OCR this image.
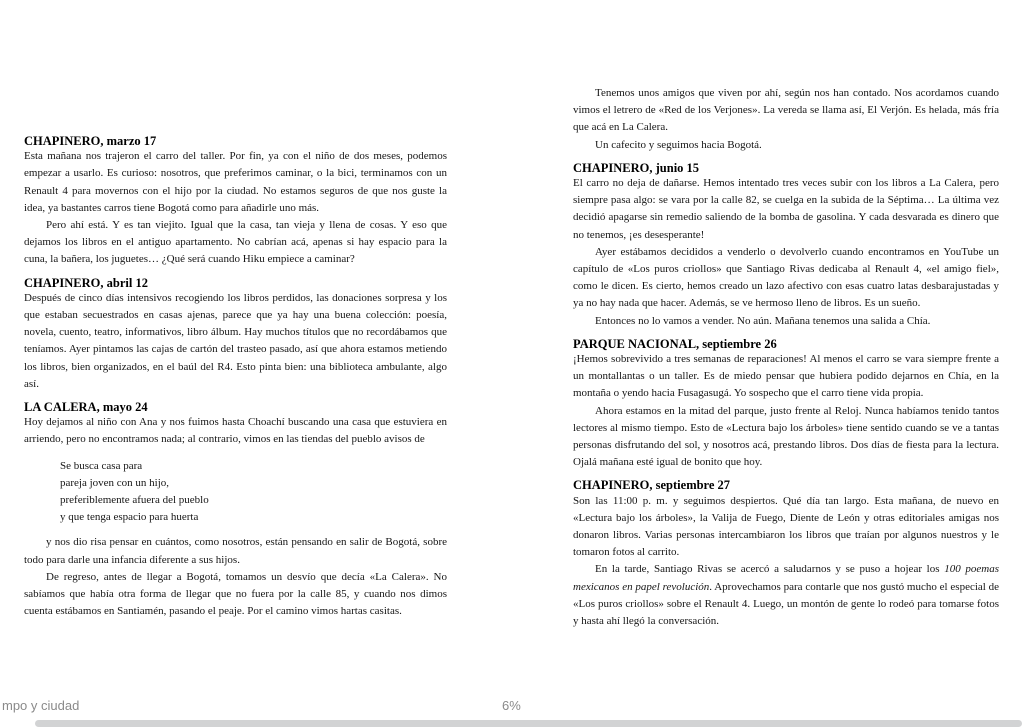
CHAPINERO, marzo 17

Esta mañana nos trajeron el carro del taller. Por fin, ya con el niño de dos meses, podemos empezar a usarlo. Es curioso: nosotros, que preferimos caminar, o la bici, terminamos con un Renault 4 para movernos con el hijo por la ciudad. No estamos seguros de que nos guste la idea, ya bastantes carros tiene Bogotá como para añadirle uno más.

Pero ahí está. Y es tan viejito. Igual que la casa, tan vieja y llena de cosas. Y eso que dejamos los libros en el antiguo apartamento. No cabrían acá, apenas si hay espacio para la cuna, la bañera, los juguetes… ¿Qué será cuando Hiku empiece a caminar?

CHAPINERO, abril 12

Después de cinco días intensivos recogiendo los libros perdidos, las donaciones sorpresa y los que estaban secuestrados en casas ajenas, parece que ya hay una buena colección: poesía, novela, cuento, teatro, informativos, libro álbum. Hay muchos títulos que no recordábamos que teníamos. Ayer pintamos las cajas de cartón del trasteo pasado, así que ahora estamos metiendo los libros, bien organizados, en el baúl del R4. Esto pinta bien: una biblioteca ambulante, algo así.

LA CALERA, mayo 24

Hoy dejamos al niño con Ana y nos fuimos hasta Choachí buscando una casa que estuviera en arriendo, pero no encontramos nada; al contrario, vimos en las tiendas del pueblo avisos de

Se busca casa para
pareja joven con un hijo,
preferiblemente afuera del pueblo
y que tenga espacio para huerta

y nos dio risa pensar en cuántos, como nosotros, están pensando en salir de Bogotá, sobre todo para darle una infancia diferente a sus hijos.

De regreso, antes de llegar a Bogotá, tomamos un desvío que decía «La Calera». No sabíamos que había otra forma de llegar que no fuera por la calle 85, y cuando nos dimos cuenta estábamos en Santiamén, pasando el peaje. Por el camino vimos hartas casitas.

Tenemos unos amigos que viven por ahí, según nos han contado. Nos acordamos cuando vimos el letrero de «Red de los Verjones». La vereda se llama así, El Verjón. Es helada, más fría que acá en La Calera.

Un cafecito y seguimos hacia Bogotá.

CHAPINERO, junio 15

El carro no deja de dañarse. Hemos intentado tres veces subir con los libros a La Calera, pero siempre pasa algo: se vara por la calle 82, se cuelga en la subida de la Séptima… La última vez decidió apagarse sin remedio saliendo de la bomba de gasolina. Y cada desvarada es dinero que no tenemos, ¡es desesperante!

Ayer estábamos decididos a venderlo o devolverlo cuando encontramos en YouTube un capítulo de «Los puros criollos» que Santiago Rivas dedicaba al Renault 4, «el amigo fiel», como le dicen. Es cierto, hemos creado un lazo afectivo con esas cuatro latas desbarajustadas y ya no hay nada que hacer. Además, se ve hermoso lleno de libros. Es un sueño.

Entonces no lo vamos a vender. No aún. Mañana tenemos una salida a Chía.

PARQUE NACIONAL, septiembre 26

¡Hemos sobrevivido a tres semanas de reparaciones! Al menos el carro se vara siempre frente a un montallantas o un taller. Es de miedo pensar que hubiera podido dejarnos en Chía, en la montaña o yendo hacia Fusagasugá. Yo sospecho que el carro tiene vida propia.

Ahora estamos en la mitad del parque, justo frente al Reloj. Nunca habíamos tenido tantos lectores al mismo tiempo. Esto de «Lectura bajo los árboles» tiene sentido cuando se ve a tantas personas disfrutando del sol, y nosotros acá, prestando libros. Dos días de fiesta para la lectura. Ojalá mañana esté igual de bonito que hoy.

CHAPINERO, septiembre 27

Son las 11:00 p. m. y seguimos despiertos. Qué día tan largo. Esta mañana, de nuevo en «Lectura bajo los árboles», la Valija de Fuego, Diente de León y otras editoriales amigas nos donaron libros. Varias personas intercambiaron los libros que traían por algunos nuestros y le tomaron fotos al carrito.

En la tarde, Santiago Rivas se acercó a saludarnos y se puso a hojear los 100 poemas mexicanos en papel revolución. Aprovechamos para contarle que nos gustó mucho el especial de «Los puros criollos» sobre el Renault 4. Luego, un montón de gente lo rodeó para tomarse fotos y hasta ahí llegó la conversación.

mpo y ciudad	6%
